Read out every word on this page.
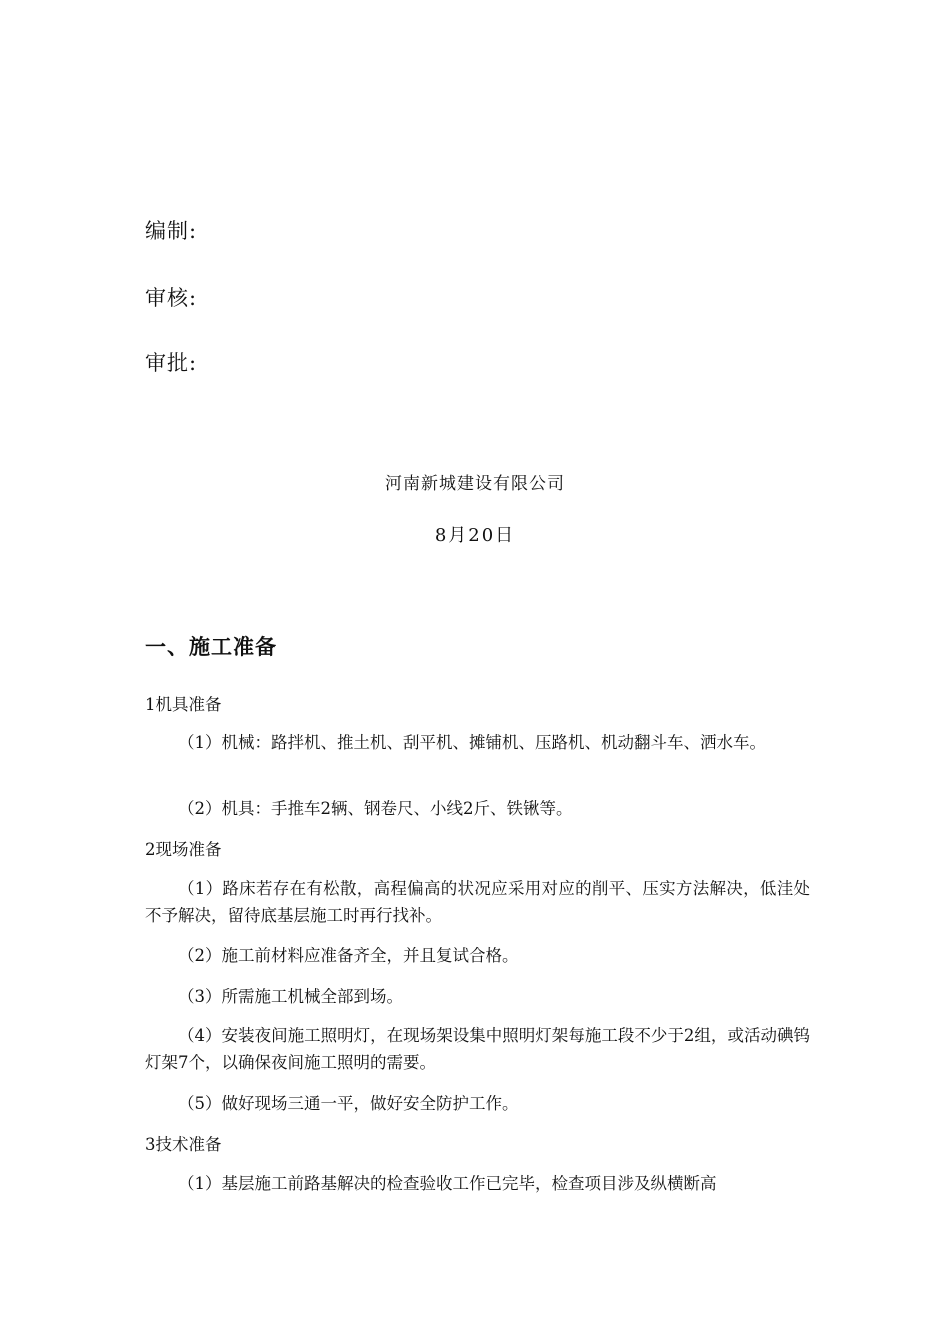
编制:
审核:
审批:
河南新城建设有限公司
8月20日
一、施工准备
1机具准备
（1）机械：路拌机、推土机、刮平机、摊铺机、压路机、机动翻斗车、洒水车。
（2）机具：手推车2辆、钢卷尺、小线2斤、铁锹等。
2现场准备
（1）路床若存在有松散，高程偏高的状况应采用对应的削平、压实方法解决，低洼处不予解决，留待底基层施工时再行找补。
（2）施工前材料应准备齐全，并且复试合格。
（3）所需施工机械全部到场。
（4）安装夜间施工照明灯，在现场架设集中照明灯架每施工段不少于2组，或活动碘钨灯架7个，以确保夜间施工照明的需要。
（5）做好现场三通一平，做好安全防护工作。
3技术准备
（1）基层施工前路基解决的检查验收工作已完毕，检查项目涉及纵横断高
